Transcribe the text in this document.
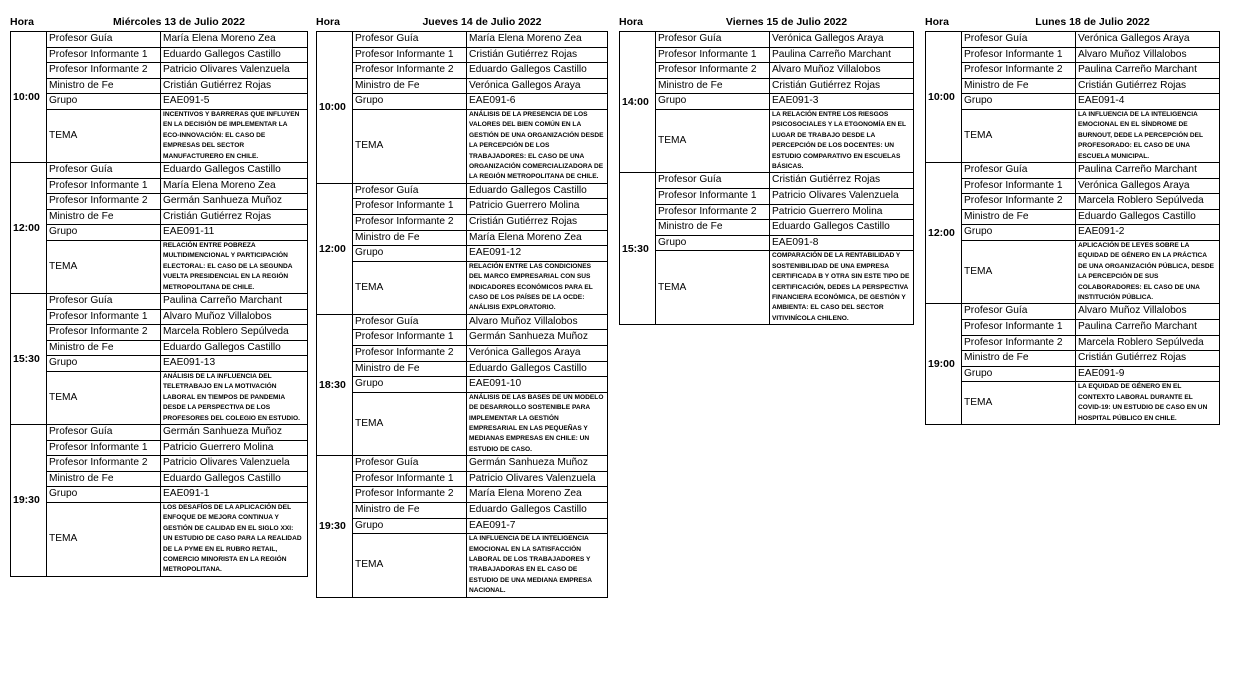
Hora	Miércoles 13 de Julio 2022
10:00
Profesor Guía	María Elena Moreno Zea
Profesor Informante 1	Eduardo Gallegos Castillo
Profesor Informante 2	Patricio Olivares Valenzuela
Ministro de Fe	Cristián Gutiérrez Rojas
Grupo	EAE091-5
TEMA
INCENTIVOS Y BARRERAS QUE INFLUYEN EN LA DECISIÓN DE IMPLEMENTAR LA ECO-INNOVACIÓN: EL CASO DE EMPRESAS DEL SECTOR MANUFACTURERO EN CHILE.
12:00
Profesor Guía	Eduardo Gallegos Castillo
Profesor Informante 1	María Elena Moreno Zea
Profesor Informante 2	Germán Sanhueza Muñoz
Ministro de Fe	Cristián Gutiérrez Rojas
Grupo	EAE091-11
TEMA
RELACIÓN ENTRE POBREZA MULTIDIMENCIONAL Y PARTICIPACIÓN ELECTORAL: EL CASO DE LA SEGUNDA VUELTA PRESIDENCIAL EN LA REGIÓN METROPOLITANA DE CHILE.
15:30
Profesor Guía	Paulina Carreño Marchant
Profesor Informante 1	Alvaro Muñoz Villalobos
Profesor Informante 2	Marcela Roblero Sepúlveda
Ministro de Fe	Eduardo Gallegos Castillo
Grupo	EAE091-13
TEMA
ANÁLISIS DE LA INFLUENCIA DEL TELETRABAJO EN LA MOTIVACIÓN LABORAL EN TIEMPOS DE PANDEMIA DESDE LA PERSPECTIVA DE LOS PROFESORES DEL COLEGIO EN ESTUDIO.
19:30
Profesor Guía	Germán Sanhueza Muñoz
Profesor Informante 1	Patricio Guerrero Molina
Profesor Informante 2	Patricio Olivares Valenzuela
Ministro de Fe	Eduardo Gallegos Castillo
Grupo	EAE091-1
TEMA
LOS DESAFÍOS DE LA APLICACIÓN DEL ENFOQUE DE MEJORA CONTINUA Y GESTIÓN DE CALIDAD EN EL SIGLO XXI: UN ESTUDIO DE CASO PARA LA REALIDAD DE LA PYME EN EL RUBRO RETAIL, COMERCIO MINORISTA EN LA REGIÓN METROPOLITANA.
Hora	Jueves 14 de Julio 2022
10:00
Profesor Guía	María Elena Moreno Zea
Profesor Informante 1	Cristián Gutiérrez Rojas
Profesor Informante 2	Eduardo Gallegos Castillo
Ministro de Fe	Verónica Gallegos Araya
Grupo	EAE091-6
TEMA
ANÁLISIS DE LA PRESENCIA DE LOS VALORES DEL BIEN COMÚN EN LA GESTIÓN DE UNA ORGANIZACIÓN DESDE LA PERCEPCIÓN DE LOS TRABAJADORES: EL CASO DE UNA ORGANIZACIÓN COMERCIALIZADORA DE LA REGIÓN METROPOLITANA DE CHILE.
12:00
Profesor Guía	Eduardo Gallegos Castillo
Profesor Informante 1	Patricio Guerrero Molina
Profesor Informante 2	Cristián Gutiérrez Rojas
Ministro de Fe	María Elena Moreno Zea
Grupo	EAE091-12
TEMA
RELACIÓN ENTRE LAS CONDICIONES DEL MARCO EMPRESARIAL CON SUS INDICADORES ECONÓMICOS PARA EL CASO DE LOS PAÍSES DE LA OCDE: ANÁLISIS EXPLORATORIO.
18:30
Profesor Guía	Alvaro Muñoz Villalobos
Profesor Informante 1	Germán Sanhueza Muñoz
Profesor Informante 2	Verónica Gallegos Araya
Ministro de Fe	Eduardo Gallegos Castillo
Grupo	EAE091-10
TEMA
ANÁLISIS DE LAS BASES DE UN MODELO DE DESARROLLO SOSTENIBLE PARA IMPLEMENTAR LA GESTIÓN EMPRESARIAL EN LAS PEQUEÑAS Y MEDIANAS EMPRESAS EN CHILE: UN ESTUDIO DE CASO.
19:30
Profesor Guía	Germán Sanhueza Muñoz
Profesor Informante 1	Patricio Olivares Valenzuela
Profesor Informante 2	María Elena Moreno Zea
Ministro de Fe	Eduardo Gallegos Castillo
Grupo	EAE091-7
TEMA
LA INFLUENCIA DE LA INTELIGENCIA EMOCIONAL EN LA SATISFACCIÓN LABORAL DE LOS TRABAJADORES Y TRABAJADORAS EN EL CASO DE ESTUDIO DE UNA MEDIANA EMPRESA NACIONAL.
Hora	Viernes 15 de Julio 2022
14:00
Profesor Guía	Verónica Gallegos Araya
Profesor Informante 1	Paulina Carreño Marchant
Profesor Informante 2	Alvaro Muñoz Villalobos
Ministro de Fe	Cristián Gutiérrez Rojas
Grupo	EAE091-3
TEMA
LA RELACIÓN ENTRE LOS RIESGOS PSICOSOCIALES Y LA ETGONOMÍA EN EL LUGAR DE TRABAJO DESDE LA PERCEPCIÓN DE LOS DOCENTES: UN ESTUDIO COMPARATIVO EN ESCUELAS BÁSICAS.
15:30
Profesor Guía	Cristián Gutiérrez Rojas
Profesor Informante 1	Patricio Olivares Valenzuela
Profesor Informante 2	Patricio Guerrero Molina
Ministro de Fe	Eduardo Gallegos Castillo
Grupo	EAE091-8
TEMA
COMPARACIÓN DE LA RENTABILIDAD Y SOSTENIBILIDAD DE UNA EMPRESA CERTIFICADA B Y OTRA SIN ESTE TIPO DE CERTIFICACIÓN, DEDES LA PERSPECTIVA FINANCIERA ECONÓMICA, DE GESTIÓN Y AMBIENTA: EL CASO DEL SECTOR VITIVINÍCOLA CHILENO.
Hora	Lunes 18 de Julio 2022
10:00
Profesor Guía	Verónica Gallegos Araya
Profesor Informante 1	Alvaro Muñoz Villalobos
Profesor Informante 2	Paulina Carreño Marchant
Ministro de Fe	Cristián Gutiérrez Rojas
Grupo	EAE091-4
TEMA
LA INFLUENCIA DE LA INTELIGENCIA EMOCIONAL EN EL SÍNDROME DE BURNOUT, DEDE LA PERCEPCIÓN DEL PROFESORADO: EL CASO DE UNA ESCUELA MUNICIPAL.
12:00
Profesor Guía	Paulina Carreño Marchant
Profesor Informante 1	Verónica Gallegos Araya
Profesor Informante 2	Marcela Roblero Sepúlveda
Ministro de Fe	Eduardo Gallegos Castillo
Grupo	EAE091-2
TEMA
APLICACIÓN DE LEYES SOBRE LA EQUIDAD DE GÉNERO EN LA PRÁCTICA DE UNA ORGANIZACIÓN PÚBLICA, DESDE LA PERCEPCIÓN DE SUS COLABORADORES: EL CASO DE UNA INSTITUCIÓN PÚBLICA.
19:00
Profesor Guía	Alvaro Muñoz Villalobos
Profesor Informante 1	Paulina Carreño Marchant
Profesor Informante 2	Marcela Roblero Sepúlveda
Ministro de Fe	Cristián Gutiérrez Rojas
Grupo	EAE091-9
TEMA
LA EQUIDAD DE GÉNERO EN EL CONTEXTO LABORAL DURANTE EL COVID-19: UN ESTUDIO DE CASO EN UN HOSPITAL PÚBLICO EN CHILE.
